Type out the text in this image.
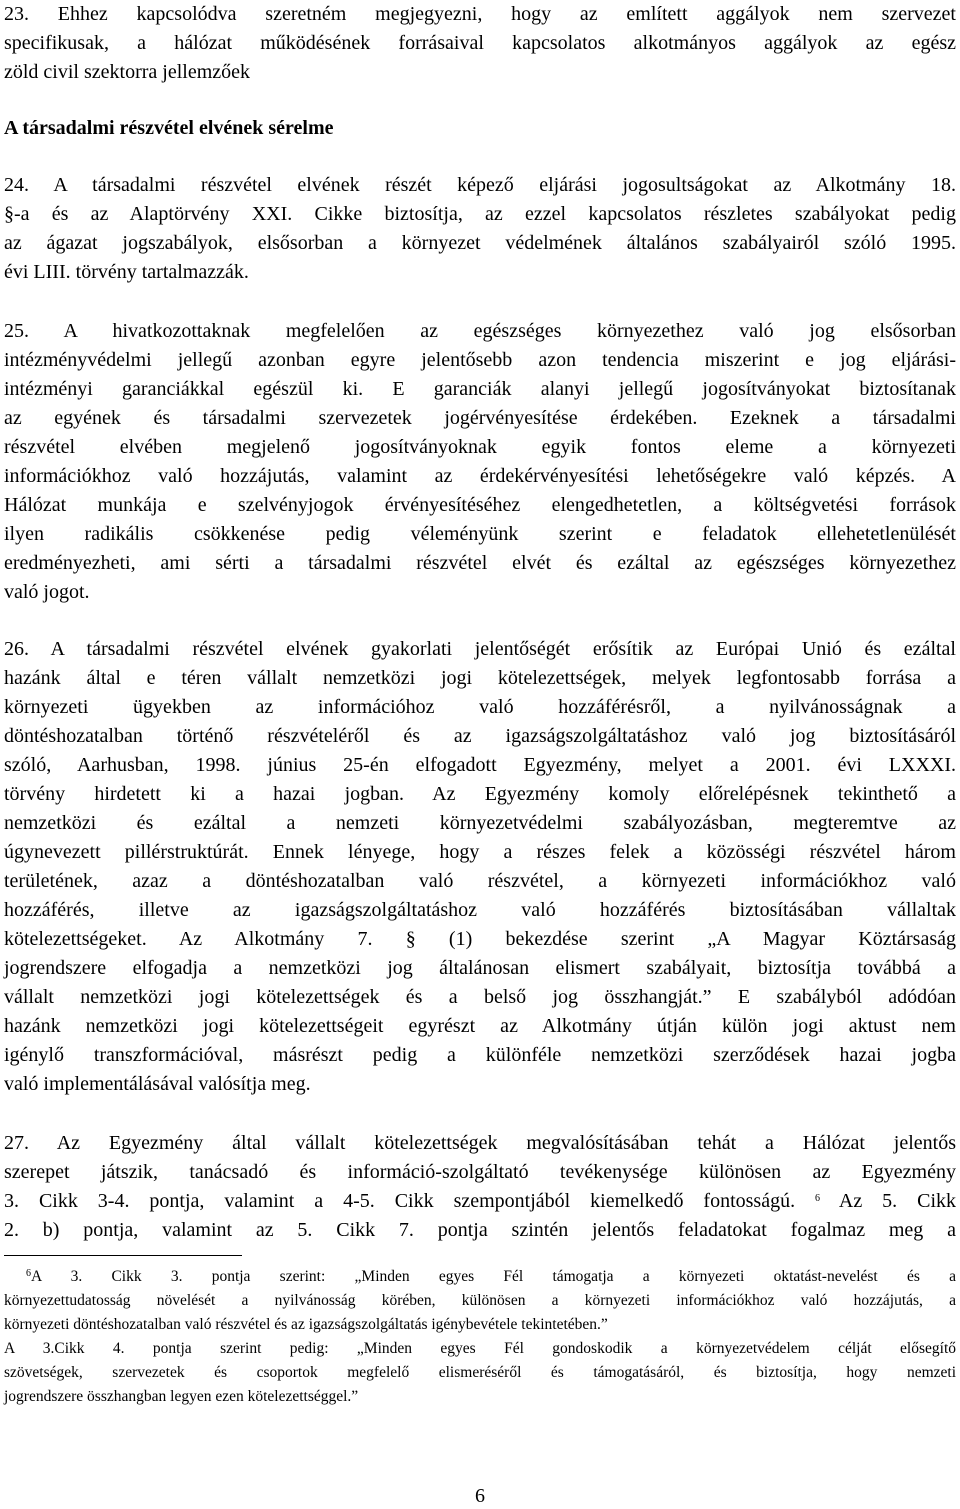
23. Ehhez kapcsolódva szeretném megjegyezni, hogy az említett aggályok nem szervezet
specifikusak, a hálózat működésének forrásaival kapcsolatos alkotmányos aggályok az egész
zöld civil szektorra jellemzőek
A társadalmi részvétel elvének sérelme
24. A társadalmi részvétel elvének részét képező eljárási jogosultságokat az Alkotmány 18.
§-a és az Alaptörvény XXI. Cikke biztosítja, az ezzel kapcsolatos részletes szabályokat pedig
az ágazat jogszabályok, elsősorban a környezet védelmének általános szabályairól szóló 1995.
évi LIII. törvény tartalmazzák.
25. A hivatkozottaknak megfelelően az egészséges környezethez való jog elsősorban
intézményvédelmi jellegű azonban egyre jelentősebb azon tendencia miszerint e jog eljárási-
intézményi garanciákkal egészül ki. E garanciák alanyi jellegű jogosítványokat biztosítanak
az egyének és társadalmi szervezetek jogérvényesítése érdekében. Ezeknek a társadalmi
részvétel elvében megjelenő jogosítványoknak egyik fontos eleme a környezeti
információkhoz való hozzájutás, valamint az érdekérvényesítési lehetőségekre való képzés. A
Hálózat munkája e szelvényjogok érvényesítéséhez elengedhetetlen, a költségvetési források
ilyen radikális csökkenése pedig véleményünk szerint e feladatok ellehetetlenülését
eredményezheti, ami sérti a társadalmi részvétel elvét és ezáltal az egészséges környezethez
való jogot.
26. A társadalmi részvétel elvének gyakorlati jelentőségét erősítik az Európai Unió és ezáltal
hazánk által e téren vállalt nemzetközi jogi kötelezettségek, melyek legfontosabb forrása a
környezeti ügyekben az információhoz való hozzáférésről, a nyilvánosságnak a
döntéshozatalban történő részvételéről és az igazságszolgáltatáshoz való jog biztosításáról
szóló, Aarhusban, 1998. június 25-én elfogadott Egyezmény, melyet a 2001. évi LXXXI.
törvény hirdetett ki a hazai jogban. Az Egyezmény komoly előrelépésnek tekinthető a
nemzetközi és ezáltal a nemzeti környezetvédelmi szabályozásban, megteremtve az
úgynevezett pillérstruktúrát. Ennek lényege, hogy a részes felek a közösségi részvétel három
területének, azaz a döntéshozatalban való részvétel, a környezeti információkhoz való
hozzáférés, illetve az igazságszolgáltatáshoz való hozzáférés biztosításában vállaltak
kötelezettségeket. Az Alkotmány 7. § (1) bekezdése szerint „A Magyar Köztársaság
jogrendszere elfogadja a nemzetközi jog általánosan elismert szabályait, biztosítja továbbá a
vállalt nemzetközi jogi kötelezettségek és a belső jog összhangját.” E szabályból adódóan
hazánk nemzetközi jogi kötelezettségeit egyrészt az Alkotmány útján külön jogi aktust nem
igénylő transzformációval, másrészt pedig a különféle nemzetközi szerződések hazai jogba
való implementálásával valósítja meg.
27. Az Egyezmény által vállalt kötelezettségek megvalósításában tehát a Hálózat jelentős
szerepet játszik, tanácsadó és információ-szolgáltató tevékenysége különösen az Egyezmény
3. Cikk 3-4. pontja, valamint a 4-5. Cikk szempontjából kiemelkedő fontosságú. $^6$ Az 5. Cikk
2. b) pontja, valamint az 5. Cikk 7. pontja szintén jelentős feladatokat fogalmaz meg a
$^6$A 3. Cikk 3. pontja szerint: „Minden egyes Fél támogatja a környezeti oktatást-nevelést és a
környezettudatosság növelését a nyilvánosság körében, különösen a környezeti információkhoz való hozzájutás, a
környezeti döntéshozatalban való részvétel és az igazságszolgáltatás igénybevétele tekintetében.”
A 3.Cikk 4. pontja szerint pedig: „Minden egyes Fél gondoskodik a környezetvédelem célját elősegítő
szövetségek, szervezetek és csoportok megfelelő elismeréséről és támogatásáról, és biztosítja, hogy nemzeti
jogrendszere összhangban legyen ezen kötelezettséggel.”
6
